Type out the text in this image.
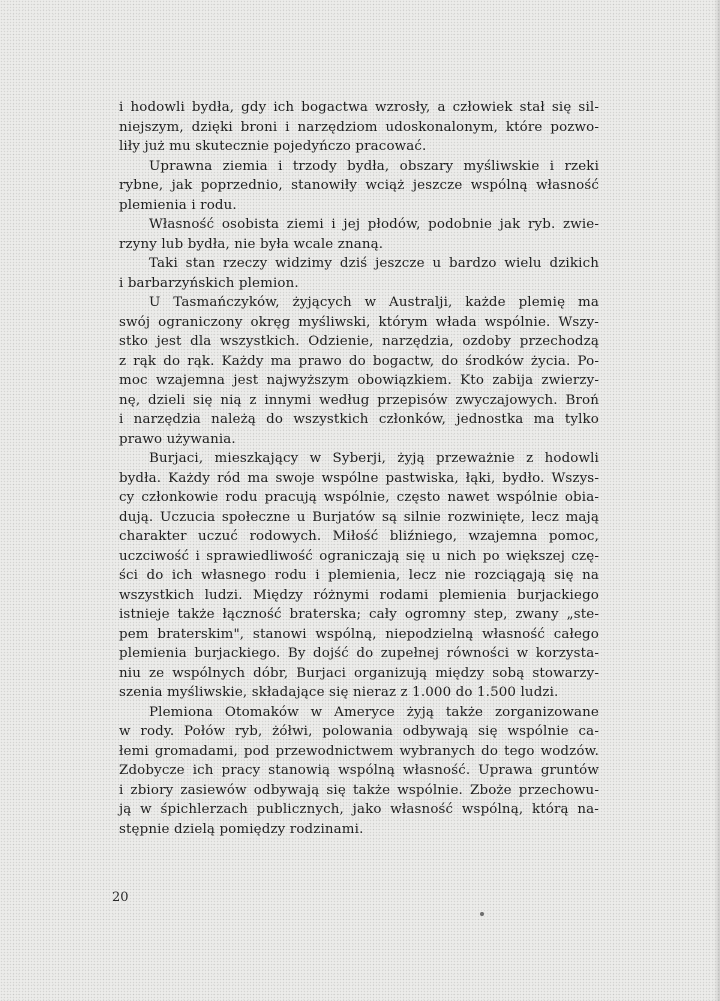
i hodowli bydła, gdy ich bogactwa wzrosły, a człowiek stał się sil-
niejszym, dzięki broni i narzędziom udoskonalonym, które pozwo-
liły już mu skutecznie pojedyńczo pracować.

Uprawna ziemia i trzody bydła, obszary myśliwskie i rzeki
rybne, jak poprzednio, stanowiły wciąż jeszcze wspólną własność
plemienia i rodu.

Własność osobista ziemi i jej płodów, podobnie jak ryb. zwie-
rzyny lub bydła, nie była wcale znaną.

Taki stan rzeczy widzimy dziś jeszcze u bardzo wielu dzikich
i barbarzyńskich plemion.

U Tasmańczyków, żyjących w Australji, każde plemię ma
swój ograniczony okręg myśliwski, którym włada wspólnie. Wszy-
stko jest dla wszystkich. Odzienie, narzędzia, ozdoby przechodzą
z rąk do rąk. Każdy ma prawo do bogactw, do środków życia. Po-
moc wzajemna jest najwyższym obowiązkiem. Kto zabija zwierzy-
nę, dzieli się nią z innymi według przepisów zwyczajowych. Broń
i narzędzia należą do wszystkich członków, jednostka ma tylko
prawo używania.

Burjaci, mieszkający w Syberji, żyją przeważnie z hodowli
bydła. Każdy ród ma swoje wspólne pastwiska, łąki, bydło. Wszys-
cy członkowie rodu pracują wspólnie, często nawet wspólnie obia-
dują. Uczucia społeczne u Burjatów są silnie rozwinięte, lecz mają
charakter uczuć rodowych. Miłość bliźniego, wzajemna pomoc,
uczciwość i sprawiedliwość ograniczają się u nich po większej czę-
ści do ich własnego rodu i plemienia, lecz nie rozciągają się na
wszystkich ludzi. Między różnymi rodami plemienia burjackiego
istnieje także łączność braterska; cały ogromny step, zwany „ste-
pem braterskim", stanowi wspólną, niepodzielną własność całego
plemienia burjackiego. By dojść do zupełnej równości w korzysta-
niu ze wspólnych dóbr, Burjaci organizują między sobą stowarzy-
szenia myśliwskie, składające się nieraz z 1.000 do 1.500 ludzi.

Plemiona Otomaków w Ameryce żyją także zorganizowane
w rody. Połów ryb, żółwi, polowania odbywają się wspólnie ca-
łemi gromadami, pod przewodnictwem wybranych do tego wodzów.
Zdobycze ich pracy stanowią wspólną własność. Uprawa gruntów
i zbiory zasiewów odbywają się także wspólnie. Zboże przechowu-
ją w śpichlerzach publicznych, jako własność wspólną, którą na-
stępnie dzielą pomiędzy rodzinami.

20
